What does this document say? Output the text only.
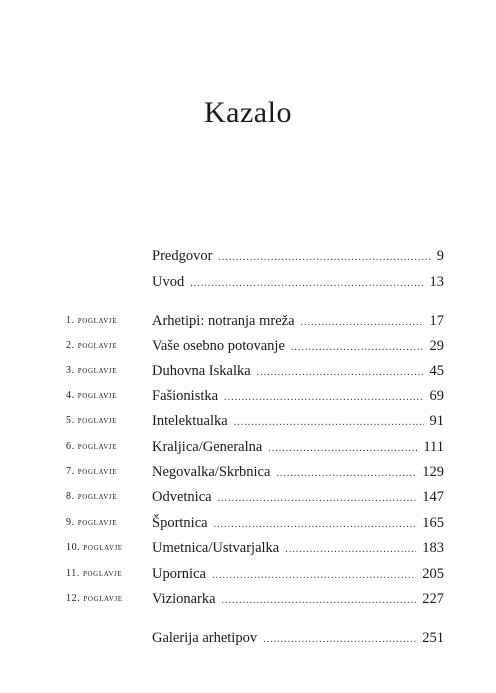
Kazalo
Predgovor .....	9
Uvod .....	13
1. poglavje	Arhetipi: notranja mreža .....	17
2. poglavje	Vaše osebno potovanje .....	29
3. poglavje	Duhovna Iskalka .....	45
4. poglavje	Fašionistka .....	69
5. poglavje	Intelektualka .....	91
6. poglavje	Kraljica/Generalna .....	111
7. poglavje	Negovalka/Skrbnica .....	129
8. poglavje	Odvetnica .....	147
9. poglavje	Športnica .....	165
10. poglavje	Umetnica/Ustvarjalka .....	183
11. poglavje	Upornica .....	205
12. poglavje	Vizionarka .....	227
Galerija arhetipov .....	251
